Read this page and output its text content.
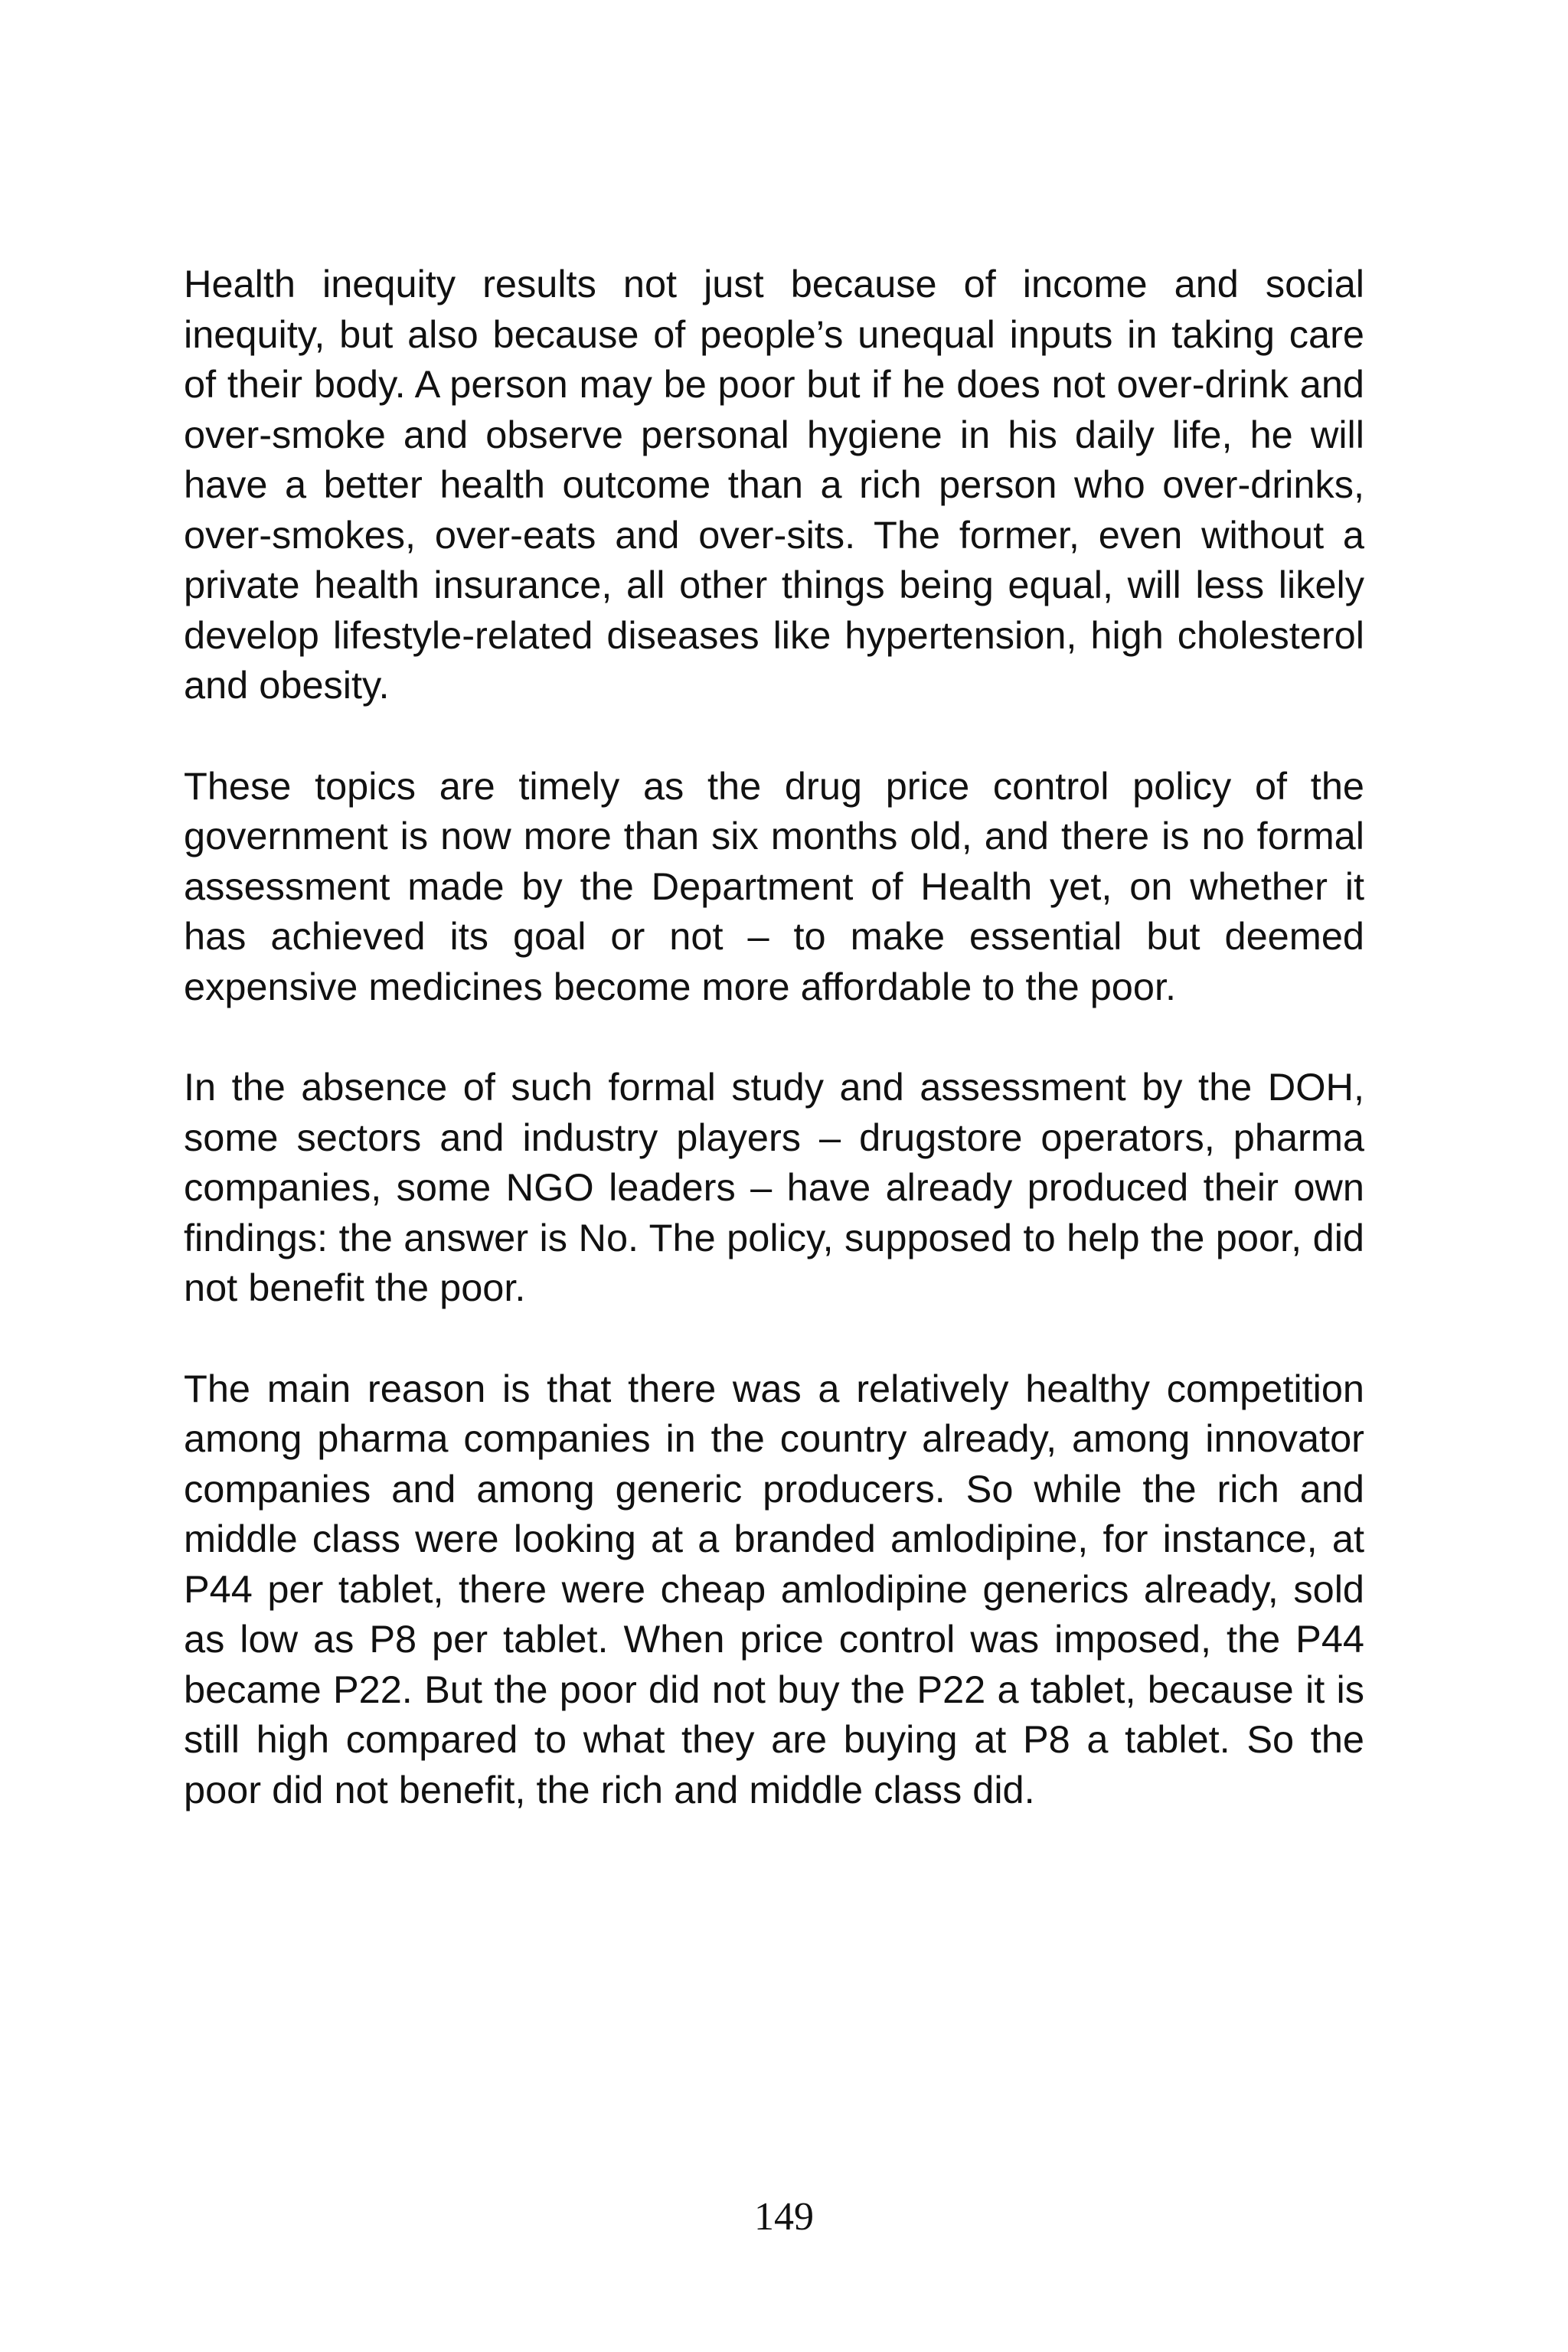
Health inequity results not just because of income and social inequity, but also because of people’s unequal inputs in taking care of their body. A person may be poor but if he does not over-drink and over-smoke and observe personal hygiene in his daily life, he will have a better health outcome than a rich person who over-drinks, over-smokes, over-eats and over-sits. The former, even without a private health insurance, all other things being equal, will less likely develop lifestyle-related diseases like hypertension, high cholesterol and obesity.

These topics are timely as the drug price control policy of the government is now more than six months old, and there is no formal assessment made by the Department of Health yet, on whether it has achieved its goal or not – to make essential but deemed expensive medicines become more affordable to the poor.

In the absence of such formal study and assessment by the DOH, some sectors and industry players – drugstore operators, pharma companies, some NGO leaders – have already produced their own findings: the answer is No. The policy, supposed to help the poor, did not benefit the poor.

The main reason is that there was a relatively healthy competition among pharma companies in the country already, among innovator companies and among generic producers. So while the rich and middle class were looking at a branded amlodipine, for instance, at P44 per tablet, there were cheap amlodipine generics already, sold as low as P8 per tablet. When price control was imposed, the P44 became P22. But the poor did not buy the P22 a tablet, because it is still high compared to what they are buying at P8 a tablet. So the poor did not benefit, the rich and middle class did.

149
